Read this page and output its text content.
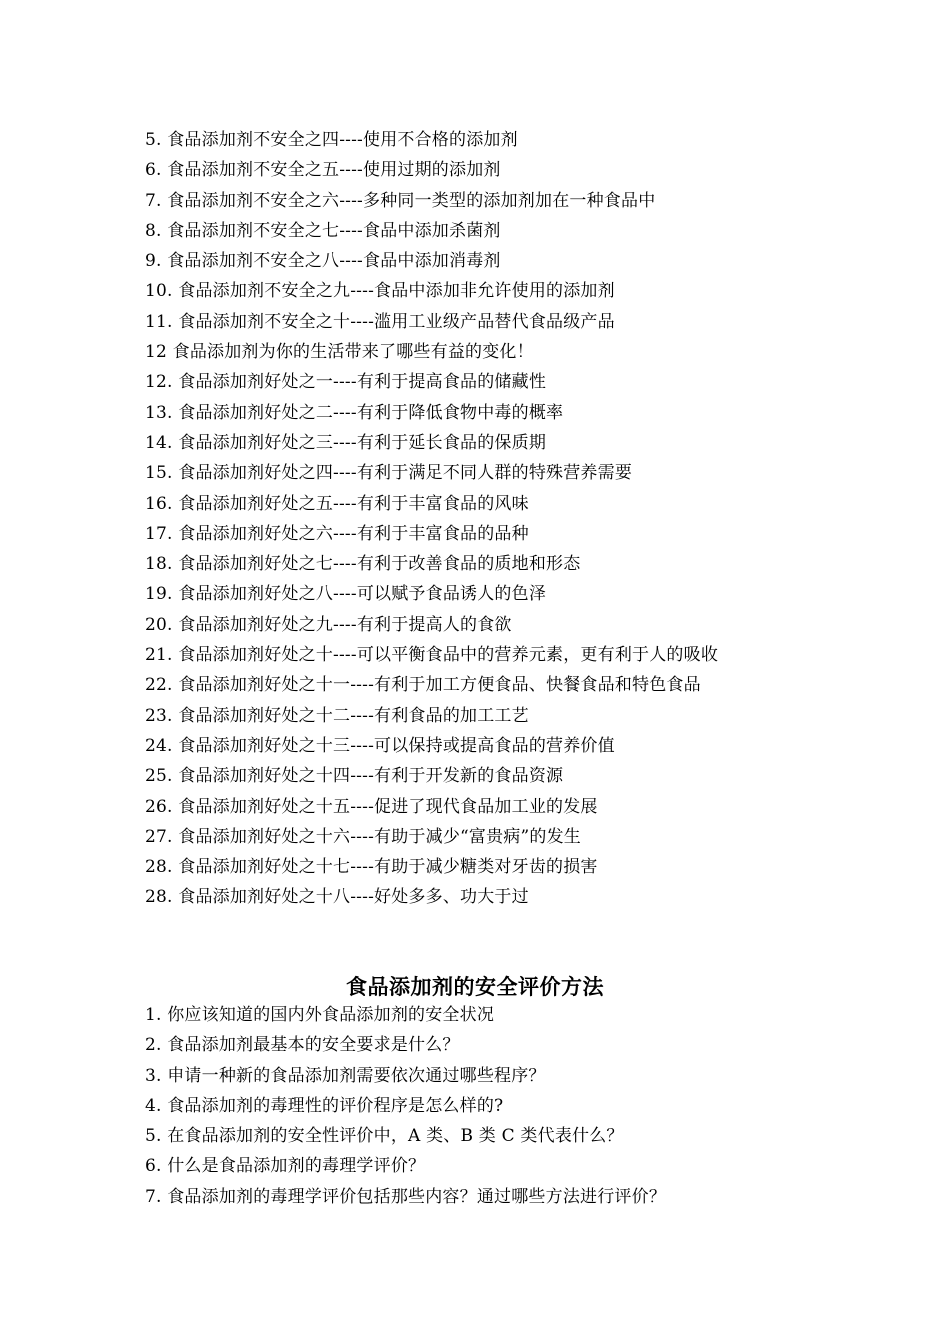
5. 食品添加剂不安全之四----使用不合格的添加剂
6. 食品添加剂不安全之五----使用过期的添加剂
7. 食品添加剂不安全之六----多种同一类型的添加剂加在一种食品中
8. 食品添加剂不安全之七----食品中添加杀菌剂
9. 食品添加剂不安全之八----食品中添加消毒剂
10. 食品添加剂不安全之九----食品中添加非允许使用的添加剂
11. 食品添加剂不安全之十----滥用工业级产品替代食品级产品
12 食品添加剂为你的生活带来了哪些有益的变化！
12. 食品添加剂好处之一----有利于提高食品的储藏性
13. 食品添加剂好处之二----有利于降低食物中毒的概率
14. 食品添加剂好处之三----有利于延长食品的保质期
15. 食品添加剂好处之四----有利于满足不同人群的特殊营养需要
16. 食品添加剂好处之五----有利于丰富食品的风味
17. 食品添加剂好处之六----有利于丰富食品的品种
18. 食品添加剂好处之七----有利于改善食品的质地和形态
19. 食品添加剂好处之八----可以赋予食品诱人的色泽
20. 食品添加剂好处之九----有利于提高人的食欲
21. 食品添加剂好处之十----可以平衡食品中的营养元素，更有利于人的吸收
22. 食品添加剂好处之十一----有利于加工方便食品、快餐食品和特色食品
23. 食品添加剂好处之十二----有利食品的加工工艺
24. 食品添加剂好处之十三----可以保持或提高食品的营养价值
25. 食品添加剂好处之十四----有利于开发新的食品资源
26. 食品添加剂好处之十五----促进了现代食品加工业的发展
27. 食品添加剂好处之十六----有助于减少“富贵病”的发生
28. 食品添加剂好处之十七----有助于减少糖类对牙齿的损害
28. 食品添加剂好处之十八----好处多多、功大于过
食品添加剂的安全评价方法
1. 你应该知道的国内外食品添加剂的安全状况
2. 食品添加剂最基本的安全要求是什么？
3. 申请一种新的食品添加剂需要依次通过哪些程序？
4. 食品添加剂的毒理性的评价程序是怎么样的?
5. 在食品添加剂的安全性评价中，A 类、B 类 C 类代表什么？
6. 什么是食品添加剂的毒理学评价？
7. 食品添加剂的毒理学评价包括那些内容？通过哪些方法进行评价？
